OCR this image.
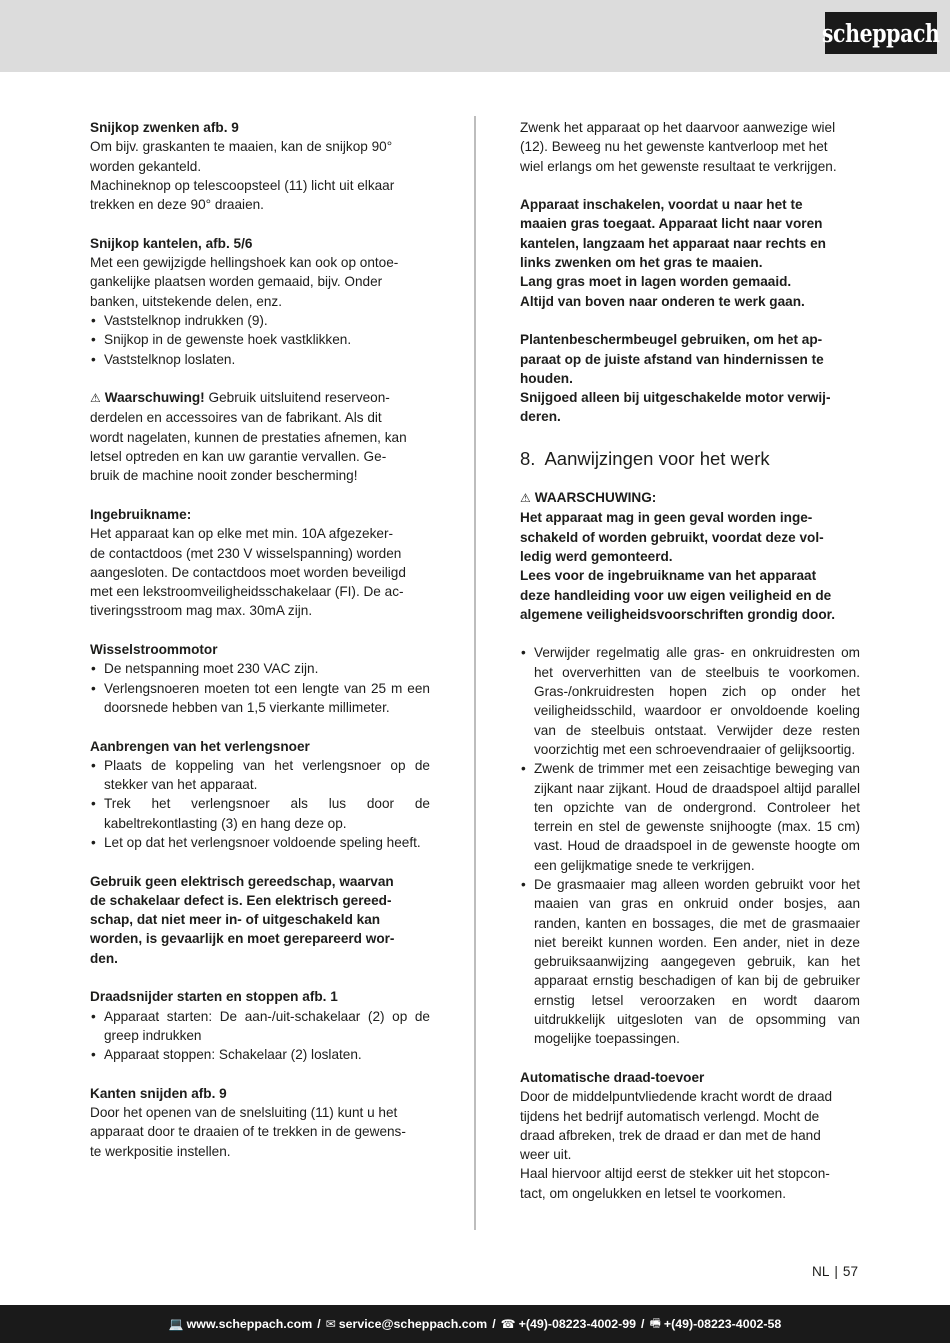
scheppach
Snijkop zwenken afb. 9
Om bijv. graskanten te maaien, kan de snijkop 90°
worden gekanteld.
Machineknop op telescoopsteel (11) licht uit elkaar
trekken en deze 90° draaien.
Snijkop kantelen, afb. 5/6
Met een gewijzigde hellingshoek kan ook op ontoe-
gankelijke plaatsen worden gemaaid, bijv. Onder
banken, uitstekende delen, enz.
• Vaststelknop indrukken (9).
• Snijkop in de gewenste hoek vastklikken.
• Vaststelknop loslaten.
⚠ Waarschuwing! Gebruik uitsluitend reserveon-
derdelen en accessoires van de fabrikant. Als dit
wordt nagelaten, kunnen de prestaties afnemen, kan
letsel optreden en kan uw garantie vervallen. Ge-
bruik de machine nooit zonder bescherming!
Ingebruikname:
Het apparaat kan op elke met min. 10A afgezeker-
de contactdoos (met 230 V wisselspanning) worden
aangesloten. De contactdoos moet worden beveiligd
met een lekstroomveiligheidsschakelaar (FI). De ac-
tiveringsstroom mag max. 30mA zijn.
Wisselstroommotor
• De netspanning moet 230 VAC zijn.
• Verlengsnoeren moeten tot een lengte van 25 m een doorsnede hebben van 1,5 vierkante millimeter.
Aanbrengen van het verlengsnoer
• Plaats de koppeling van het verlengsnoer op de stekker van het apparaat.
• Trek het verlengsnoer als lus door de kabeltrekontlasting (3) en hang deze op.
• Let op dat het verlengsnoer voldoende speling heeft.
Gebruik geen elektrisch gereedschap, waarvan
de schakelaar defect is. Een elektrisch gereed-
schap, dat niet meer in- of uitgeschakeld kan
worden, is gevaarlijk en moet gerepareerd wor-
den.
Draadsnijder starten en stoppen afb. 1
• Apparaat starten: De aan-/uit-schakelaar (2) op de greep indrukken
• Apparaat stoppen: Schakelaar (2) loslaten.
Kanten snijden afb. 9
Door het openen van de snelsluiting (11) kunt u het
apparaat door te draaien of te trekken in de gewens-
te werkpositie instellen.
Zwenk het apparaat op het daarvoor aanwezige wiel
(12). Beweeg nu het gewenste kantverloop met het
wiel erlangs om het gewenste resultaat te verkrijgen.
Apparaat inschakelen, voordat u naar het te
maaien gras toegaat. Apparaat licht naar voren
kantelen, langzaam het apparaat naar rechts en
links zwenken om het gras te maaien.
Lang gras moet in lagen worden gemaaid.
Altijd van boven naar onderen te werk gaan.
Plantenbeschermbeugel gebruiken, om het ap-
paraat op de juiste afstand van hindernissen te
houden.
Snijgoed alleen bij uitgeschakelde motor verwij-
deren.
8. Aanwijzingen voor het werk
⚠ WAARSCHUWING:
Het apparaat mag in geen geval worden inge-
schakeld of worden gebruikt, voordat deze vol-
ledig werd gemonteerd.
Lees voor de ingebruikname van het apparaat
deze handleiding voor uw eigen veiligheid en de
algemene veiligheidsvoorschriften grondig door.
• Verwijder regelmatig alle gras- en onkruidresten om het oververhitten van de steelbuis te voorkomen. Gras-/onkruidresten hopen zich op onder het veiligheidsschild, waardoor er onvoldoende koeling van de steelbuis ontstaat. Verwijder deze resten voorzichtig met een schroevendraaier of gelijksoortig.
• Zwenk de trimmer met een zeisachtige beweging van zijkant naar zijkant. Houd de draadspoel altijd parallel ten opzichte van de ondergrond. Controleer het terrein en stel de gewenste snijhoogte (max. 15 cm) vast. Houd de draadspoel in de gewenste hoogte om een gelijkmatige snede te verkrijgen.
• De grasmaaier mag alleen worden gebruikt voor het maaien van gras en onkruid onder bosjes, aan randen, kanten en bossages, die met de grasmaaier niet bereikt kunnen worden. Een ander, niet in deze gebruiksaanwijzing aangegeven gebruik, kan het apparaat ernstig beschadigen of kan bij de gebruiker ernstig letsel veroorzaken en wordt daarom uitdrukkelijk uitgesloten van de opsomming van mogelijke toepassingen.
Automatische draad-toevoer
Door de middelpuntvliedende kracht wordt de draad
tijdens het bedrijf automatisch verlengd. Mocht de
draad afbreken, trek de draad er dan met de hand
weer uit.
Haal hiervoor altijd eerst de stekker uit het stopcon-
tact, om ongelukken en letsel te voorkomen.
NL | 57
💻 www.scheppach.com / ✉ service@scheppach.com / ☎ +(49)-08223-4002-99 / 🖷 +(49)-08223-4002-58
